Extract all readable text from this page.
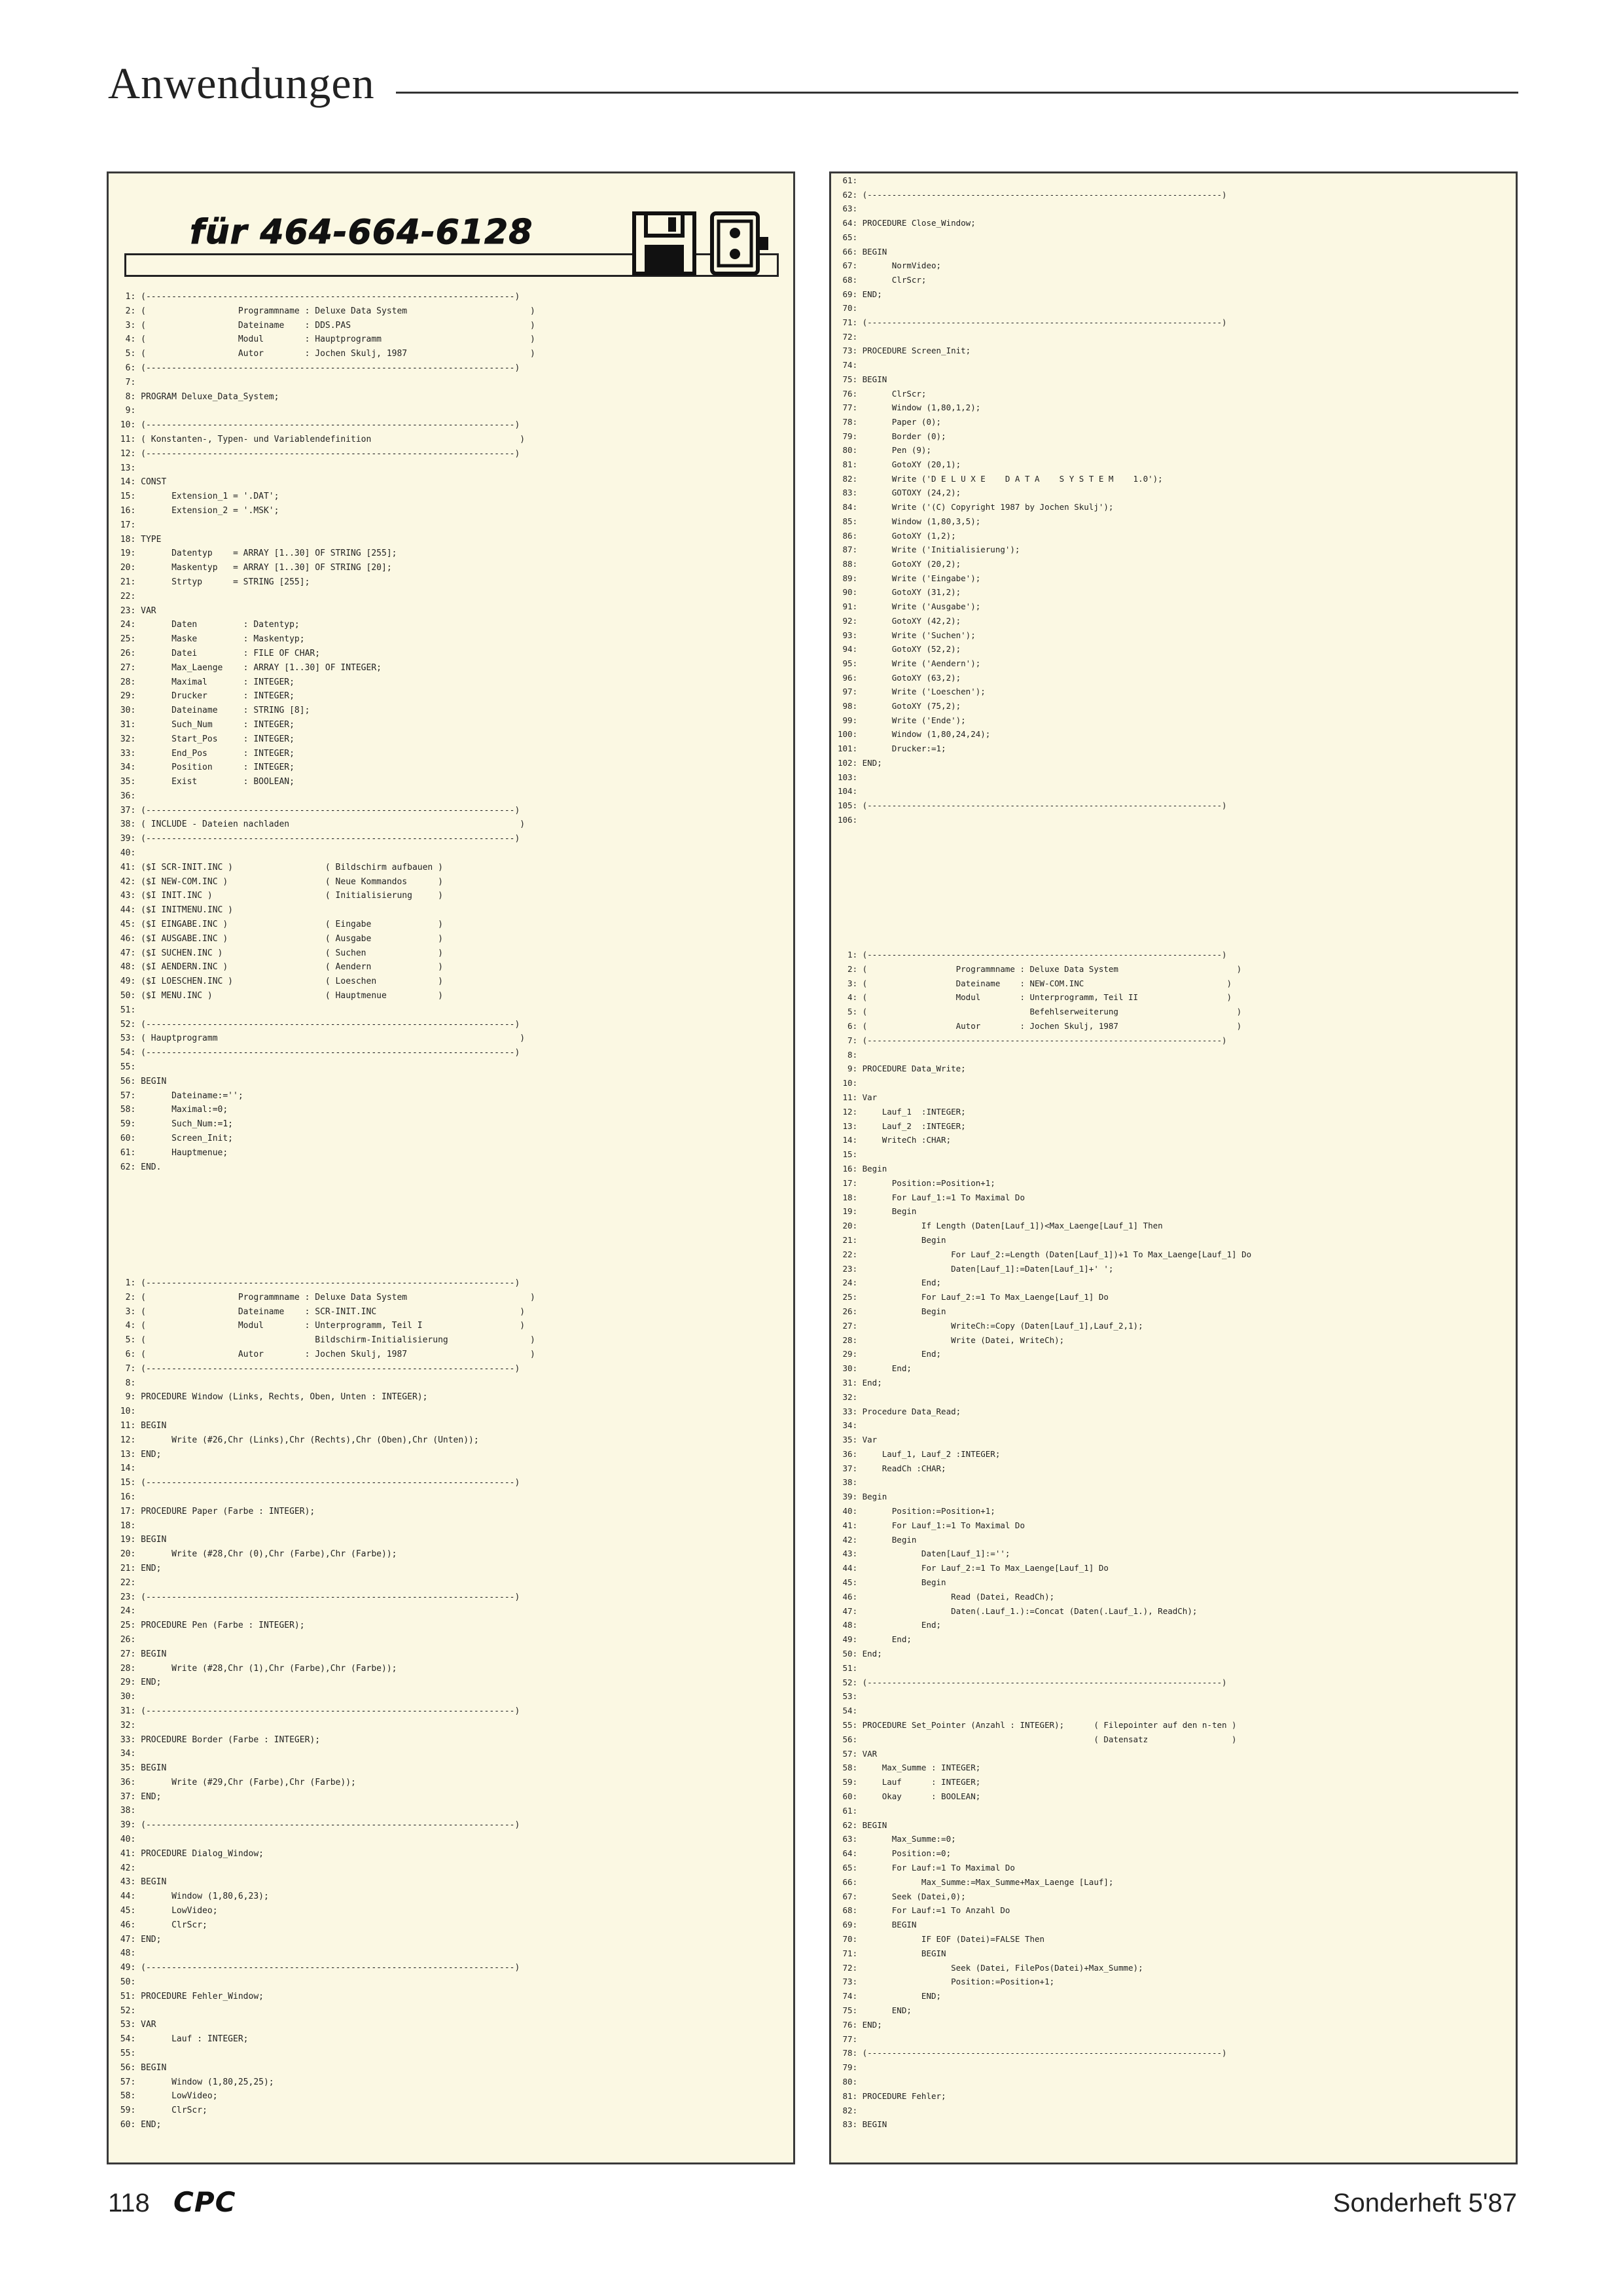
Anwendungen
für 464-664-6128
1: (------------------------------------------------------------------------)
2: (                  Programmname : Deluxe Data System                        )
3: (                  Dateiname    : DDS.PAS                                   )
4: (                  Modul        : Hauptprogramm                             )
5: (                  Autor        : Jochen Skulj, 1987                        )
6: (------------------------------------------------------------------------)
7:
8: PROGRAM Deluxe_Data_System;
9:
10: (------------------------------------------------------------------------)
11: ( Konstanten-, Typen- und Variablendefinition                             )
12: (------------------------------------------------------------------------)
13:
14: CONST
15:       Extension_1 = '.DAT';
16:       Extension_2 = '.MSK';
17:
18: TYPE
19:       Datentyp    = ARRAY [1..30] OF STRING [255];
20:       Maskentyp   = ARRAY [1..30] OF STRING [20];
21:       Strtyp      = STRING [255];
22:
23: VAR
24:       Daten         : Datentyp;
25:       Maske         : Maskentyp;
26:       Datei         : FILE OF CHAR;
27:       Max_Laenge    : ARRAY [1..30] OF INTEGER;
28:       Maximal       : INTEGER;
29:       Drucker       : INTEGER;
30:       Dateiname     : STRING [8];
31:       Such_Num      : INTEGER;
32:       Start_Pos     : INTEGER;
33:       End_Pos       : INTEGER;
34:       Position      : INTEGER;
35:       Exist         : BOOLEAN;
36:
37: (------------------------------------------------------------------------)
38: ( INCLUDE - Dateien nachladen                                             )
39: (------------------------------------------------------------------------)
40:
41: ($I SCR-INIT.INC )                  ( Bildschirm aufbauen )
42: ($I NEW-COM.INC )                   ( Neue Kommandos      )
43: ($I INIT.INC )                      ( Initialisierung     )
44: ($I INITMENU.INC )
45: ($I EINGABE.INC )                   ( Eingabe             )
46: ($I AUSGABE.INC )                   ( Ausgabe             )
47: ($I SUCHEN.INC )                    ( Suchen              )
48: ($I AENDERN.INC )                   ( Aendern             )
49: ($I LOESCHEN.INC )                  ( Loeschen            )
50: ($I MENU.INC )                      ( Hauptmenue          )
51:
52: (------------------------------------------------------------------------)
53: ( Hauptprogramm                                                           )
54: (------------------------------------------------------------------------)
55:
56: BEGIN
57:       Dateiname:='';
58:       Maximal:=0;
59:       Such_Num:=1;
60:       Screen_Init;
61:       Hauptmenue;
62: END.
1: (------------------------------------------------------------------------)
2: (                  Programmname : Deluxe Data System                        )
3: (                  Dateiname    : SCR-INIT.INC                            )
4: (                  Modul        : Unterprogramm, Teil I                   )
5: (                                 Bildschirm-Initialisierung                )
6: (                  Autor        : Jochen Skulj, 1987                        )
7: (------------------------------------------------------------------------)
8:
9: PROCEDURE Window (Links, Rechts, Oben, Unten : INTEGER);
10:
11: BEGIN
12:       Write (#26,Chr (Links),Chr (Rechts),Chr (Oben),Chr (Unten));
13: END;
14:
15: (------------------------------------------------------------------------)
16:
17: PROCEDURE Paper (Farbe : INTEGER);
18:
19: BEGIN
20:       Write (#28,Chr (0),Chr (Farbe),Chr (Farbe));
21: END;
22:
23: (------------------------------------------------------------------------)
24:
25: PROCEDURE Pen (Farbe : INTEGER);
26:
27: BEGIN
28:       Write (#28,Chr (1),Chr (Farbe),Chr (Farbe));
29: END;
30:
31: (------------------------------------------------------------------------)
32:
33: PROCEDURE Border (Farbe : INTEGER);
34:
35: BEGIN
36:       Write (#29,Chr (Farbe),Chr (Farbe));
37: END;
38:
39: (------------------------------------------------------------------------)
40:
41: PROCEDURE Dialog_Window;
42:
43: BEGIN
44:       Window (1,80,6,23);
45:       LowVideo;
46:       ClrScr;
47: END;
48:
49: (------------------------------------------------------------------------)
50:
51: PROCEDURE Fehler_Window;
52:
53: VAR
54:       Lauf : INTEGER;
55:
56: BEGIN
57:       Window (1,80,25,25);
58:       LowVideo;
59:       ClrScr;
60: END;
61:
62: (------------------------------------------------------------------------)
63:
64: PROCEDURE Close_Window;
65:
66: BEGIN
67:       NormVideo;
68:       ClrScr;
69: END;
70:
71: (------------------------------------------------------------------------)
72:
73: PROCEDURE Screen_Init;
74:
75: BEGIN
76:       ClrScr;
77:       Window (1,80,1,2);
78:       Paper (0);
79:       Border (0);
80:       Pen (9);
81:       GotoXY (20,1);
82:       Write ('D E L U X E    D A T A    S Y S T E M    1.0');
83:       GOTOXY (24,2);
84:       Write ('(C) Copyright 1987 by Jochen Skulj');
85:       Window (1,80,3,5);
86:       GotoXY (1,2);
87:       Write ('Initialisierung');
88:       GotoXY (20,2);
89:       Write ('Eingabe');
90:       GotoXY (31,2);
91:       Write ('Ausgabe');
92:       GotoXY (42,2);
93:       Write ('Suchen');
94:       GotoXY (52,2);
95:       Write ('Aendern');
96:       GotoXY (63,2);
97:       Write ('Loeschen');
98:       GotoXY (75,2);
99:       Write ('Ende');
100:       Window (1,80,24,24);
101:       Drucker:=1;
102: END;
103:
104:
105: (------------------------------------------------------------------------)
106:
1: (------------------------------------------------------------------------)
2: (                  Programmname : Deluxe Data System                        )
3: (                  Dateiname    : NEW-COM.INC                             )
4: (                  Modul        : Unterprogramm, Teil II                  )
5: (                                 Befehlserweiterung                        )
6: (                  Autor        : Jochen Skulj, 1987                        )
7: (------------------------------------------------------------------------)
8:
9: PROCEDURE Data_Write;
10:
11: Var
12:     Lauf_1  :INTEGER;
13:     Lauf_2  :INTEGER;
14:     WriteCh :CHAR;
15:
16: Begin
17:       Position:=Position+1;
18:       For Lauf_1:=1 To Maximal Do
19:       Begin
20:             If Length (Daten[Lauf_1])<Max_Laenge[Lauf_1] Then
21:             Begin
22:                   For Lauf_2:=Length (Daten[Lauf_1])+1 To Max_Laenge[Lauf_1] Do
23:                   Daten[Lauf_1]:=Daten[Lauf_1]+' ';
24:             End;
25:             For Lauf_2:=1 To Max_Laenge[Lauf_1] Do
26:             Begin
27:                   WriteCh:=Copy (Daten[Lauf_1],Lauf_2,1);
28:                   Write (Datei, WriteCh);
29:             End;
30:       End;
31: End;
32:
33: Procedure Data_Read;
34:
35: Var
36:     Lauf_1, Lauf_2 :INTEGER;
37:     ReadCh :CHAR;
38:
39: Begin
40:       Position:=Position+1;
41:       For Lauf_1:=1 To Maximal Do
42:       Begin
43:             Daten[Lauf_1]:='';
44:             For Lauf_2:=1 To Max_Laenge[Lauf_1] Do
45:             Begin
46:                   Read (Datei, ReadCh);
47:                   Daten(.Lauf_1.):=Concat (Daten(.Lauf_1.), ReadCh);
48:             End;
49:       End;
50: End;
51:
52: (------------------------------------------------------------------------)
53:
54:
55: PROCEDURE Set_Pointer (Anzahl : INTEGER);      ( Filepointer auf den n-ten )
56:                                                ( Datensatz                 )
57: VAR
58:     Max_Summe : INTEGER;
59:     Lauf      : INTEGER;
60:     Okay      : BOOLEAN;
61:
62: BEGIN
63:       Max_Summe:=0;
64:       Position:=0;
65:       For Lauf:=1 To Maximal Do
66:             Max_Summe:=Max_Summe+Max_Laenge [Lauf];
67:       Seek (Datei,0);
68:       For Lauf:=1 To Anzahl Do
69:       BEGIN
70:             IF EOF (Datei)=FALSE Then
71:             BEGIN
72:                   Seek (Datei, FilePos(Datei)+Max_Summe);
73:                   Position:=Position+1;
74:             END;
75:       END;
76: END;
77:
78: (------------------------------------------------------------------------)
79:
80:
81: PROCEDURE Fehler;
82:
83: BEGIN
118 CPC	Sonderheft 5'87
